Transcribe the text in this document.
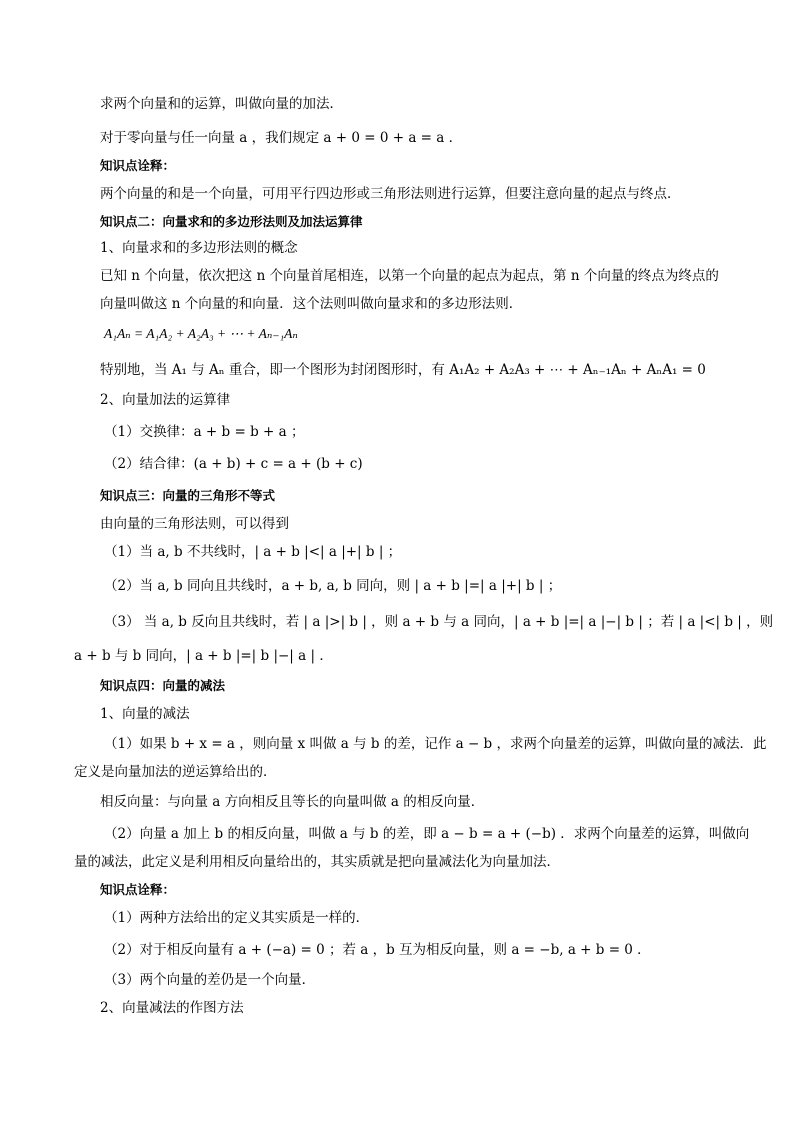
求两个向量和的运算，叫做向量的加法．
对于零向量与任一向量 a ，我们规定 a + 0 = 0 + a = a ．
知识点诠释：
两个向量的和是一个向量，可用平行四边形或三角形法则进行运算，但要注意向量的起点与终点．
知识点二：向量求和的多边形法则及加法运算律
1、向量求和的多边形法则的概念
已知 n 个向量，依次把这 n 个向量首尾相连，以第一个向量的起点为起点，第 n 个向量的终点为终点的
向量叫做这 n 个向量的和向量．这个法则叫做向量求和的多边形法则．
A₁Aₙ = A₁A₂ + A₂A₃ + ⋯ + Aₙ₋₁Aₙ
特别地，当 A₁ 与 Aₙ 重合，即一个图形为封闭图形时，有 A₁A₂ + A₂A₃ + ⋯ + Aₙ₋₁Aₙ + AₙA₁ = 0
2、向量加法的运算律
（1）交换律：a + b = b + a ；
（2）结合律：(a + b) + c = a + (b + c)
知识点三：向量的三角形不等式
由向量的三角形法则，可以得到
（1）当 a, b 不共线时，| a + b |<| a |+| b | ；
（2）当 a, b 同向且共线时，a + b, a, b 同向，则 | a + b |=| a |+| b | ；
（3） 当 a, b 反向且共线时，若 | a |>| b | ，则 a + b 与 a 同向，| a + b |=| a |−| b | ；若 | a |<| b | ，则
a + b 与 b 同向，| a + b |=| b |−| a | ．
知识点四：向量的减法
1、向量的减法
（1）如果 b + x = a ，则向量 x 叫做 a 与 b 的差，记作 a − b ，求两个向量差的运算，叫做向量的减法．此
定义是向量加法的逆运算给出的．
相反向量：与向量 a 方向相反且等长的向量叫做 a 的相反向量．
（2）向量 a 加上 b 的相反向量，叫做 a 与 b 的差，即 a − b = a + (−b) ．求两个向量差的运算，叫做向
量的减法，此定义是利用相反向量给出的，其实质就是把向量减法化为向量加法．
知识点诠释：
（1）两种方法给出的定义其实质是一样的．
（2）对于相反向量有 a + (−a) = 0 ；若 a ，b 互为相反向量，则 a = −b, a + b = 0 ．
（3）两个向量的差仍是一个向量．
2、向量减法的作图方法
